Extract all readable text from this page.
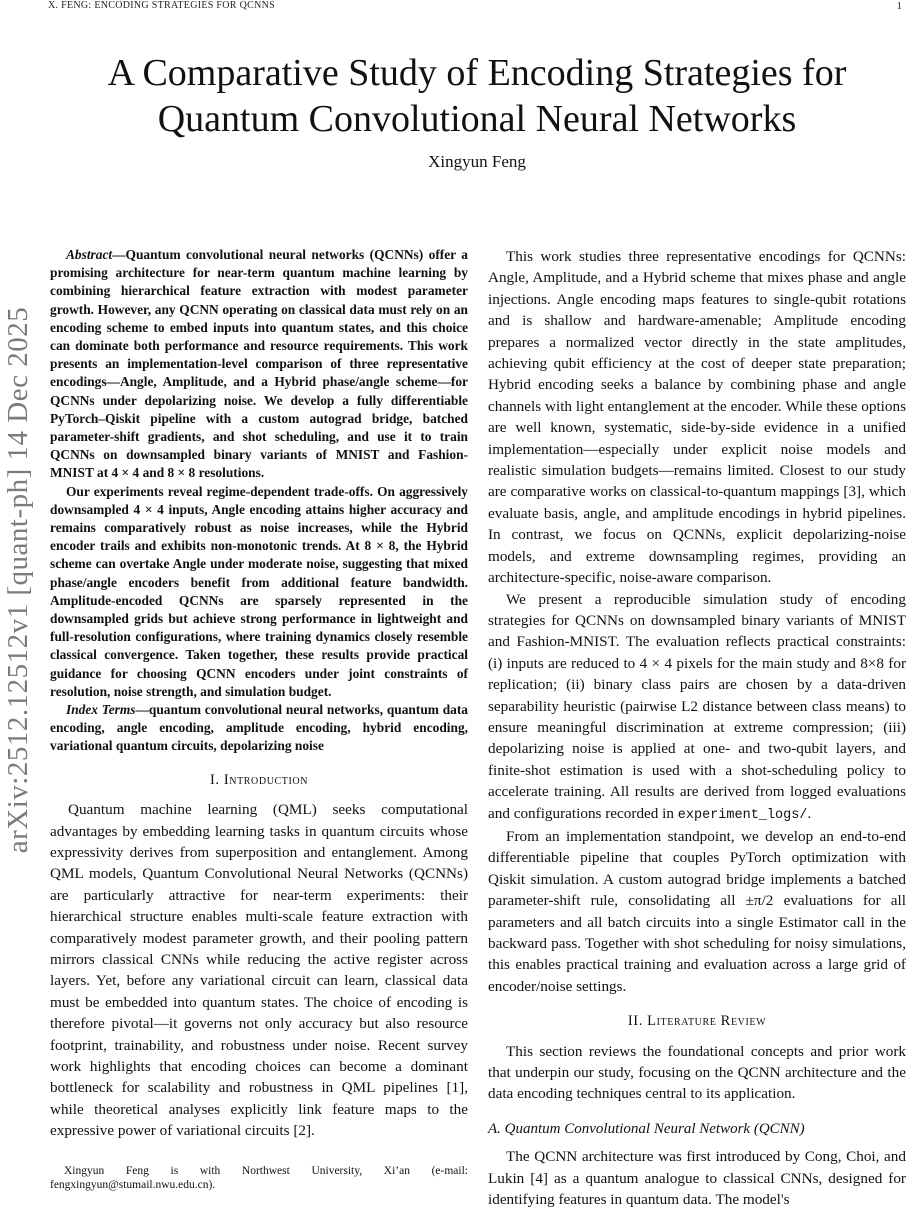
X. FENG: ENCODING STRATEGIES FOR QCNNS	1
arXiv:2512.12512v1 [quant-ph] 14 Dec 2025
A Comparative Study of Encoding Strategies for
Quantum Convolutional Neural Networks
Xingyun Feng

Abstract—Quantum convolutional neural networks (QCNNs) offer a promising architecture for near-term quantum machine learning by combining hierarchical feature extraction with modest parameter growth. However, any QCNN operating on classical data must rely on an encoding scheme to embed inputs into quantum states, and this choice can dominate both performance and resource requirements. This work presents an implementation-level comparison of three representative encodings—Angle, Amplitude, and a Hybrid phase/angle scheme—for QCNNs under depolarizing noise. We develop a fully differentiable PyTorch–Qiskit pipeline with a custom autograd bridge, batched parameter-shift gradients, and shot scheduling, and use it to train QCNNs on downsampled binary variants of MNIST and Fashion-MNIST at 4 × 4 and 8 × 8 resolutions.

Our experiments reveal regime-dependent trade-offs. On aggressively downsampled 4 × 4 inputs, Angle encoding attains higher accuracy and remains comparatively robust as noise increases, while the Hybrid encoder trails and exhibits non-monotonic trends. At 8 × 8, the Hybrid scheme can overtake Angle under moderate noise, suggesting that mixed phase/angle encoders benefit from additional feature bandwidth. Amplitude-encoded QCNNs are sparsely represented in the downsampled grids but achieve strong performance in lightweight and full-resolution configurations, where training dynamics closely resemble classical convergence. Taken together, these results provide practical guidance for choosing QCNN encoders under joint constraints of resolution, noise strength, and simulation budget.

Index Terms—quantum convolutional neural networks, quantum data encoding, angle encoding, amplitude encoding, hybrid encoding, variational quantum circuits, depolarizing noise

I. Introduction

Quantum machine learning (QML) seeks computational advantages by embedding learning tasks in quantum circuits whose expressivity derives from superposition and entanglement. Among QML models, Quantum Convolutional Neural Networks (QCNNs) are particularly attractive for near-term experiments: their hierarchical structure enables multi-scale feature extraction with comparatively modest parameter growth, and their pooling pattern mirrors classical CNNs while reducing the active register across layers. Yet, before any variational circuit can learn, classical data must be embedded into quantum states. The choice of encoding is therefore pivotal—it governs not only accuracy but also resource footprint, trainability, and robustness under noise. Recent survey work highlights that encoding choices can become a dominant bottleneck for scalability and robustness in QML pipelines [1], while theoretical analyses explicitly link feature maps to the expressive power of variational circuits [2].

This work studies three representative encodings for QCNNs: Angle, Amplitude, and a Hybrid scheme that mixes phase and angle injections. Angle encoding maps features to single-qubit rotations and is shallow and hardware-amenable; Amplitude encoding prepares a normalized vector directly in the state amplitudes, achieving qubit efficiency at the cost of deeper state preparation; Hybrid encoding seeks a balance by combining phase and angle channels with light entanglement at the encoder. While these options are well known, systematic, side-by-side evidence in a unified implementation—especially under explicit noise models and realistic simulation budgets—remains limited. Closest to our study are comparative works on classical-to-quantum mappings [3], which evaluate basis, angle, and amplitude encodings in hybrid pipelines. In contrast, we focus on QCNNs, explicit depolarizing-noise models, and extreme downsampling regimes, providing an architecture-specific, noise-aware comparison.

We present a reproducible simulation study of encoding strategies for QCNNs on downsampled binary variants of MNIST and Fashion-MNIST. The evaluation reflects practical constraints: (i) inputs are reduced to 4 × 4 pixels for the main study and 8×8 for replication; (ii) binary class pairs are chosen by a data-driven separability heuristic (pairwise L2 distance between class means) to ensure meaningful discrimination at extreme compression; (iii) depolarizing noise is applied at one- and two-qubit layers, and finite-shot estimation is used with a shot-scheduling policy to accelerate training. All results are derived from logged evaluations and configurations recorded in experiment_logs/.

From an implementation standpoint, we develop an end-to-end differentiable pipeline that couples PyTorch optimization with Qiskit simulation. A custom autograd bridge implements a batched parameter-shift rule, consolidating all ±π/2 evaluations for all parameters and all batch circuits into a single Estimator call in the backward pass. Together with shot scheduling for noisy simulations, this enables practical training and evaluation across a large grid of encoder/noise settings.

II. Literature Review

This section reviews the foundational concepts and prior work that underpin our study, focusing on the QCNN architecture and the data encoding techniques central to its application.

A. Quantum Convolutional Neural Network (QCNN)

The QCNN architecture was first introduced by Cong, Choi, and Lukin [4] as a quantum analogue to classical CNNs, designed for identifying features in quantum data. The model's

Xingyun Feng is with Northwest University, Xi’an (e-mail: fengxingyun@stumail.nwu.edu.cn).
